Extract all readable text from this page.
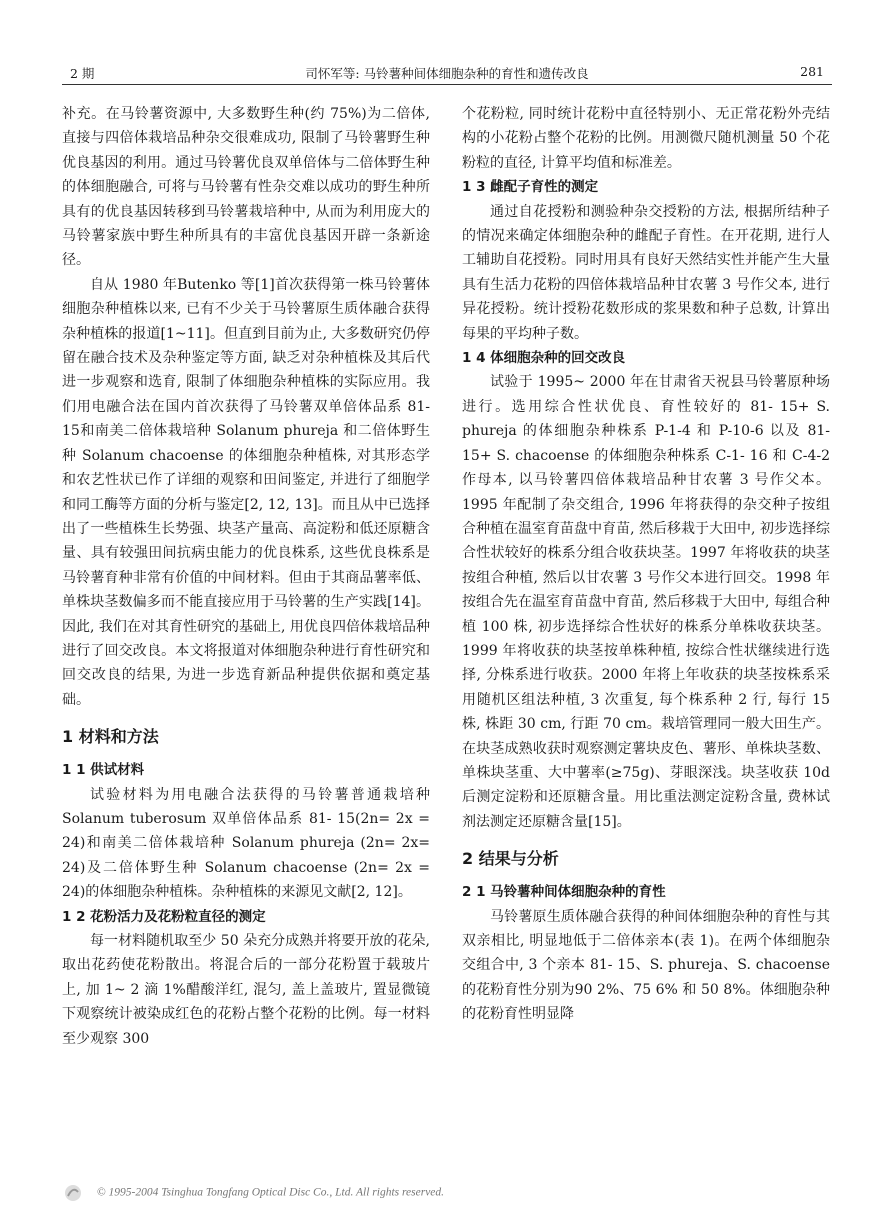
2 期	司怀军等: 马铃薯种间体细胞杂种的育性和遗传改良	281

补充。在马铃薯资源中, 大多数野生种(约 75%)为二倍体, 直接与四倍体栽培品种杂交很难成功, 限制了马铃薯野生种优良基因的利用。通过马铃薯优良双单倍体与二倍体野生种的体细胞融合, 可将与马铃薯有性杂交难以成功的野生种所具有的优良基因转移到马铃薯栽培种中, 从而为利用庞大的马铃薯家族中野生种所具有的丰富优良基因开辟一条新途径。

自从 1980 年Butenko 等[1]首次获得第一株马铃薯体细胞杂种植株以来, 已有不少关于马铃薯原生质体融合获得杂种植株的报道[1~11]。但直到目前为止, 大多数研究仍停留在融合技术及杂种鉴定等方面, 缺乏对杂种植株及其后代进一步观察和选育, 限制了体细胞杂种植株的实际应用。我们用电融合法在国内首次获得了马铃薯双单倍体品系 81- 15和南美二倍体栽培种 Solanum phureja 和二倍体野生种 Solanum chacoense 的体细胞杂种植株, 对其形态学和农艺性状已作了详细的观察和田间鉴定, 并进行了细胞学和同工酶等方面的分析与鉴定[2, 12, 13]。而且从中已选择出了一些植株生长势强、块茎产量高、高淀粉和低还原糖含量、具有较强田间抗病虫能力的优良株系, 这些优良株系是马铃薯育种非常有价值的中间材料。但由于其商品薯率低、单株块茎数偏多而不能直接应用于马铃薯的生产实践[14]。因此, 我们在对其育性研究的基础上, 用优良四倍体栽培品种进行了回交改良。本文将报道对体细胞杂种进行育性研究和回交改良的结果, 为进一步选育新品种提供依据和奠定基础。

1 材料和方法
1 1 供试材料

试验材料为用电融合法获得的马铃薯普通栽培种 Solanum tuberosum 双单倍体品系 81- 15(2n= 2x = 24)和南美二倍体栽培种 Solanum phureja (2n= 2x= 24)及二倍体野生种 Solanum chacoense (2n= 2x = 24)的体细胞杂种植株。杂种植株的来源见文献[2, 12]。

1 2 花粉活力及花粉粒直径的测定

每一材料随机取至少 50 朵充分成熟并将要开放的花朵, 取出花药使花粉散出。将混合后的一部分花粉置于载玻片上, 加 1~ 2 滴 1%醋酸洋红, 混匀, 盖上盖玻片, 置显微镜下观察统计被染成红色的花粉占整个花粉的比例。每一材料至少观察 300

个花粉粒, 同时统计花粉中直径特别小、无正常花粉外壳结构的小花粉占整个花粉的比例。用测微尺随机测量 50 个花粉粒的直径, 计算平均值和标准差。

1 3 雌配子育性的测定

通过自花授粉和测验种杂交授粉的方法, 根据所结种子的情况来确定体细胞杂种的雌配子育性。在开花期, 进行人工辅助自花授粉。同时用具有良好天然结实性并能产生大量具有生活力花粉的四倍体栽培品种甘农薯 3 号作父本, 进行异花授粉。统计授粉花数形成的浆果数和种子总数, 计算出每果的平均种子数。

1 4 体细胞杂种的回交改良

试验于 1995~ 2000 年在甘肃省天祝县马铃薯原种场进行。选用综合性状优良、育性较好的 81- 15+ S. phureja 的体细胞杂种株系 P-1-4 和 P-10-6 以及 81- 15+ S. chacoense 的体细胞杂种株系 C-1- 16 和 C-4-2 作母本, 以马铃薯四倍体栽培品种甘农薯 3 号作父本。1995 年配制了杂交组合, 1996 年将获得的杂交种子按组合种植在温室育苗盘中育苗, 然后移栽于大田中, 初步选择综合性状较好的株系分组合收获块茎。1997 年将收获的块茎按组合种植, 然后以甘农薯 3 号作父本进行回交。1998 年按组合先在温室育苗盘中育苗, 然后移栽于大田中, 每组合种植 100 株, 初步选择综合性状好的株系分单株收获块茎。1999 年将收获的块茎按单株种植, 按综合性状继续进行选择, 分株系进行收获。2000 年将上年收获的块茎按株系采用随机区组法种植, 3 次重复, 每个株系种 2 行, 每行 15 株, 株距 30 cm, 行距 70 cm。栽培管理同一般大田生产。在块茎成熟收获时观察测定薯块皮色、薯形、单株块茎数、单株块茎重、大中薯率(≥75g)、芽眼深浅。块茎收获 10d 后测定淀粉和还原糖含量。用比重法测定淀粉含量, 费林试剂法测定还原糖含量[15]。

2 结果与分析
2 1 马铃薯种间体细胞杂种的育性

马铃薯原生质体融合获得的种间体细胞杂种的育性与其双亲相比, 明显地低于二倍体亲本(表 1)。在两个体细胞杂交组合中, 3 个亲本 81- 15、S. phureja、S. chacoense 的花粉育性分别为90 2%、75 6% 和 50 8%。体细胞杂种的花粉育性明显降

© 1995-2004 Tsinghua Tongfang Optical Disc Co., Ltd. All rights reserved.
